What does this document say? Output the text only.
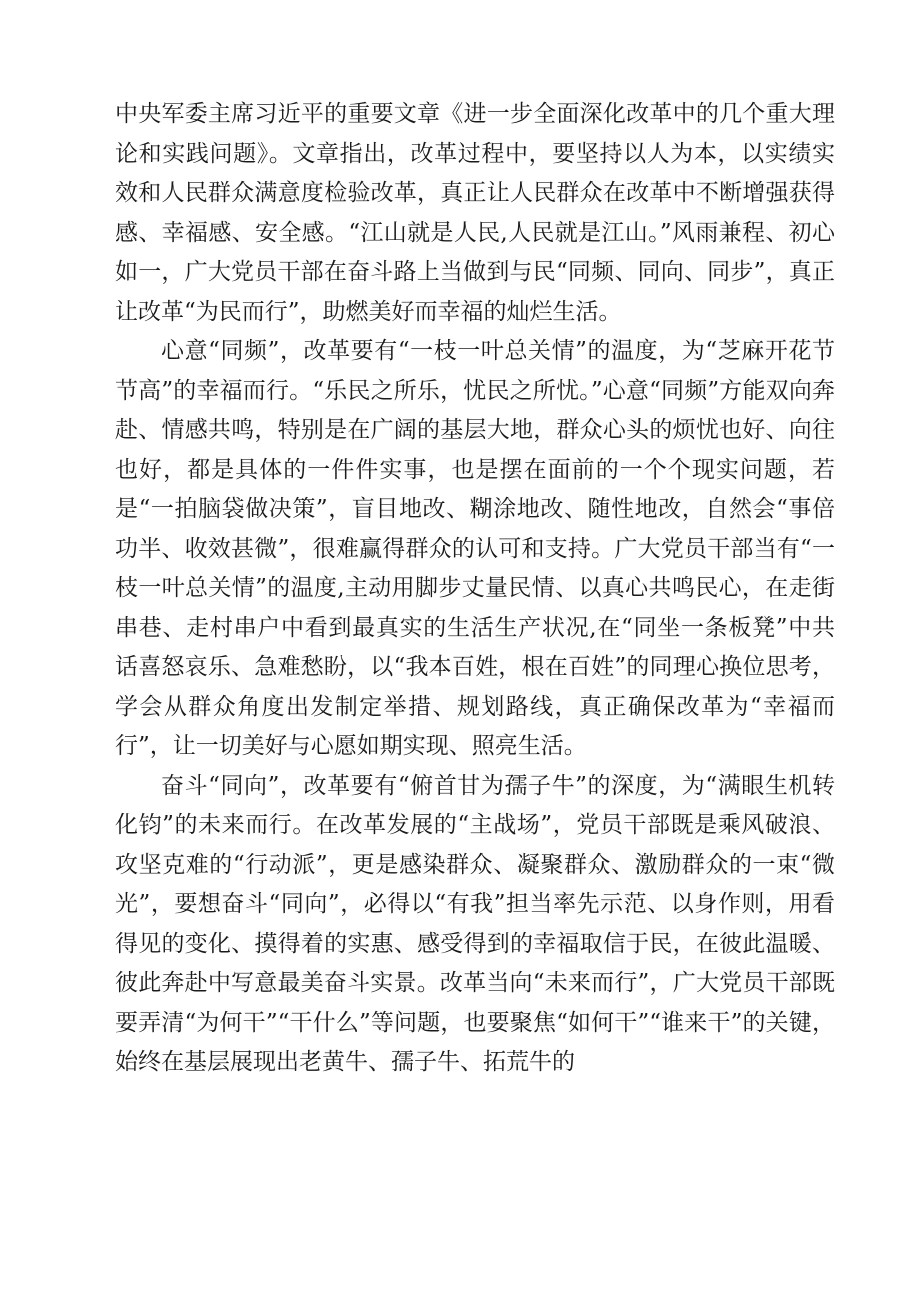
中央军委主席习近平的重要文章《进一步全面深化改革中的几个重大理论和实践问题》。文章指出，改革过程中，要坚持以人为本，以实绩实效和人民群众满意度检验改革，真正让人民群众在改革中不断增强获得感、幸福感、安全感。“江山就是人民,人民就是江山。”风雨兼程、初心如一，广大党员干部在奋斗路上当做到与民“同频、同向、同步”，真正让改革“为民而行”，助燃美好而幸福的灿烂生活。

心意“同频”，改革要有“一枝一叶总关情”的温度，为“芝麻开花节节高”的幸福而行。“乐民之所乐，忧民之所忧。”心意“同频”方能双向奔赴、情感共鸣，特别是在广阔的基层大地，群众心头的烦忧也好、向往也好，都是具体的一件件实事，也是摆在面前的一个个现实问题，若是“一拍脑袋做决策”，盲目地改、糊涂地改、随性地改，自然会“事倍功半、收效甚微”，很难赢得群众的认可和支持。广大党员干部当有“一枝一叶总关情”的温度,主动用脚步丈量民情、以真心共鸣民心，在走街串巷、走村串户中看到最真实的生活生产状况,在“同坐一条板凳”中共话喜怒哀乐、急难愁盼，以“我本百姓，根在百姓”的同理心换位思考，学会从群众角度出发制定举措、规划路线，真正确保改革为“幸福而行”，让一切美好与心愿如期实现、照亮生活。

奋斗“同向”，改革要有“俯首甘为孺子牛”的深度，为“满眼生机转化钧”的未来而行。在改革发展的“主战场”，党员干部既是乘风破浪、攻坚克难的“行动派”，更是感染群众、凝聚群众、激励群众的一束“微光”，要想奋斗“同向”，必得以“有我”担当率先示范、以身作则，用看得见的变化、摸得着的实惠、感受得到的幸福取信于民，在彼此温暖、彼此奔赴中写意最美奋斗实景。改革当向“未来而行”，广大党员干部既要弄清“为何干”“干什么”等问题，也要聚焦“如何干”“谁来干”的关键，始终在基层展现出老黄牛、孺子牛、拓荒牛的
